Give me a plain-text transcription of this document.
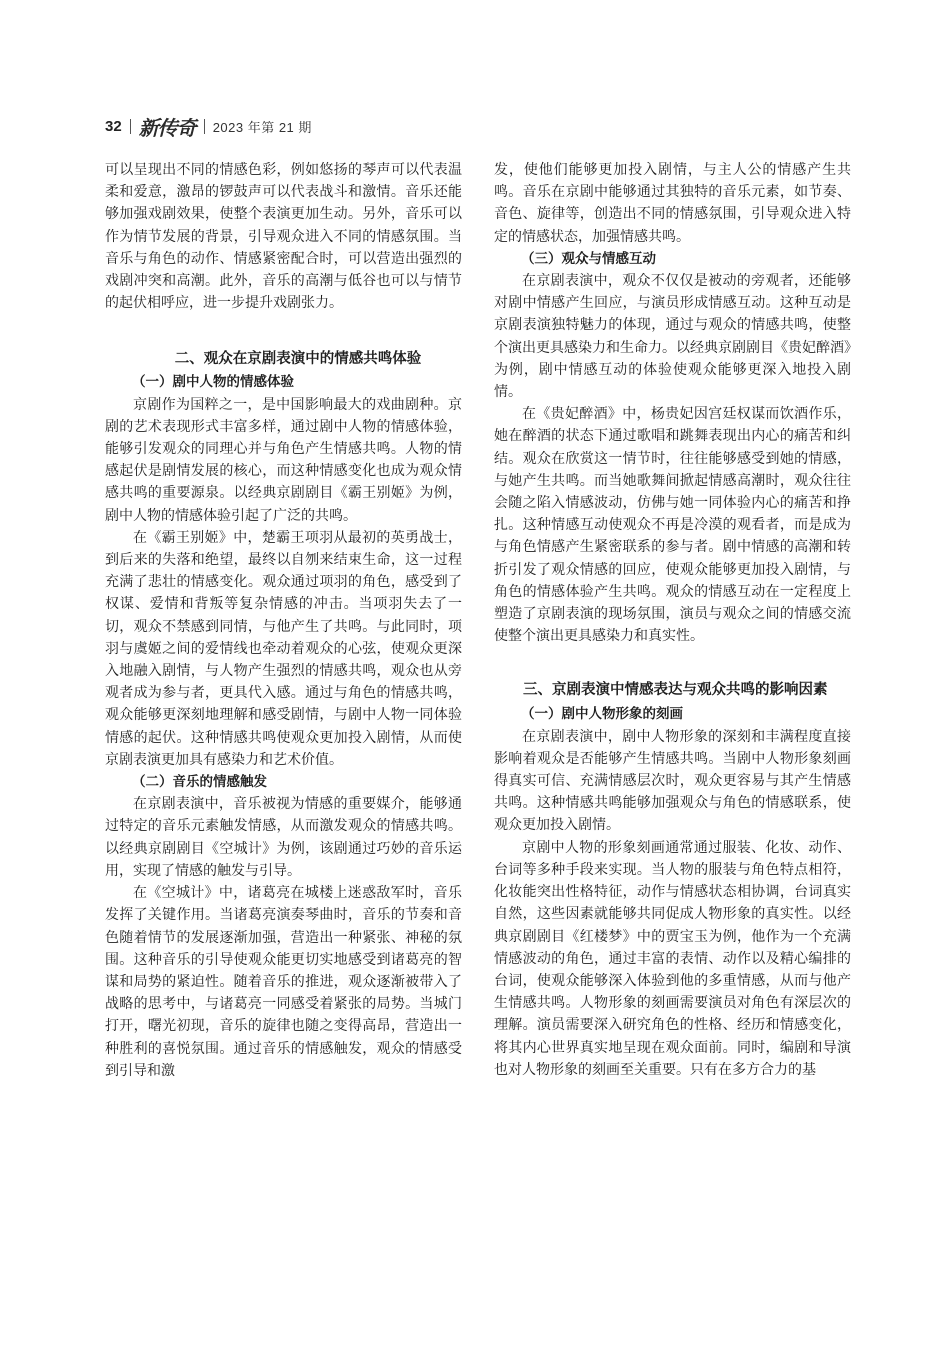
32 新传奇 2023 年第 21 期

可以呈现出不同的情感色彩，例如悠扬的琴声可以代表温柔和爱意，激昂的锣鼓声可以代表战斗和激情。音乐还能够加强戏剧效果，使整个表演更加生动。另外，音乐可以作为情节发展的背景，引导观众进入不同的情感氛围。当音乐与角色的动作、情感紧密配合时，可以营造出强烈的戏剧冲突和高潮。此外，音乐的高潮与低谷也可以与情节的起伏相呼应，进一步提升戏剧张力。

二、观众在京剧表演中的情感共鸣体验

（一）剧中人物的情感体验

京剧作为国粹之一，是中国影响最大的戏曲剧种。京剧的艺术表现形式丰富多样，通过剧中人物的情感体验，能够引发观众的同理心并与角色产生情感共鸣。人物的情感起伏是剧情发展的核心，而这种情感变化也成为观众情感共鸣的重要源泉。以经典京剧剧目《霸王别姬》为例，剧中人物的情感体验引起了广泛的共鸣。

在《霸王别姬》中，楚霸王项羽从最初的英勇战士，到后来的失落和绝望，最终以自刎来结束生命，这一过程充满了悲壮的情感变化。观众通过项羽的角色，感受到了权谋、爱情和背叛等复杂情感的冲击。当项羽失去了一切，观众不禁感到同情，与他产生了共鸣。与此同时，项羽与虞姬之间的爱情线也牵动着观众的心弦，使观众更深入地融入剧情，与人物产生强烈的情感共鸣，观众也从旁观者成为参与者，更具代入感。通过与角色的情感共鸣，观众能够更深刻地理解和感受剧情，与剧中人物一同体验情感的起伏。这种情感共鸣使观众更加投入剧情，从而使京剧表演更加具有感染力和艺术价值。

（二）音乐的情感触发

在京剧表演中，音乐被视为情感的重要媒介，能够通过特定的音乐元素触发情感，从而激发观众的情感共鸣。以经典京剧剧目《空城计》为例，该剧通过巧妙的音乐运用，实现了情感的触发与引导。

在《空城计》中，诸葛亮在城楼上迷惑敌军时，音乐发挥了关键作用。当诸葛亮演奏琴曲时，音乐的节奏和音色随着情节的发展逐渐加强，营造出一种紧张、神秘的氛围。这种音乐的引导使观众能更切实地感受到诸葛亮的智谋和局势的紧迫性。随着音乐的推进，观众逐渐被带入了战略的思考中，与诸葛亮一同感受着紧张的局势。当城门打开，曙光初现，音乐的旋律也随之变得高昂，营造出一种胜利的喜悦氛围。通过音乐的情感触发，观众的情感受到引导和激

发，使他们能够更加投入剧情，与主人公的情感产生共鸣。音乐在京剧中能够通过其独特的音乐元素，如节奏、音色、旋律等，创造出不同的情感氛围，引导观众进入特定的情感状态，加强情感共鸣。

（三）观众与情感互动

在京剧表演中，观众不仅仅是被动的旁观者，还能够对剧中情感产生回应，与演员形成情感互动。这种互动是京剧表演独特魅力的体现，通过与观众的情感共鸣，使整个演出更具感染力和生命力。以经典京剧剧目《贵妃醉酒》为例，剧中情感互动的体验使观众能够更深入地投入剧情。

在《贵妃醉酒》中，杨贵妃因宫廷权谋而饮酒作乐，她在醉酒的状态下通过歌唱和跳舞表现出内心的痛苦和纠结。观众在欣赏这一情节时，往往能够感受到她的情感，与她产生共鸣。而当她歌舞间掀起情感高潮时，观众往往会随之陷入情感波动，仿佛与她一同体验内心的痛苦和挣扎。这种情感互动使观众不再是冷漠的观看者，而是成为与角色情感产生紧密联系的参与者。剧中情感的高潮和转折引发了观众情感的回应，使观众能够更加投入剧情，与角色的情感体验产生共鸣。观众的情感互动在一定程度上塑造了京剧表演的现场氛围，演员与观众之间的情感交流使整个演出更具感染力和真实性。

三、京剧表演中情感表达与观众共鸣的影响因素

（一）剧中人物形象的刻画

在京剧表演中，剧中人物形象的深刻和丰满程度直接影响着观众是否能够产生情感共鸣。当剧中人物形象刻画得真实可信、充满情感层次时，观众更容易与其产生情感共鸣。这种情感共鸣能够加强观众与角色的情感联系，使观众更加投入剧情。

京剧中人物的形象刻画通常通过服装、化妆、动作、台词等多种手段来实现。当人物的服装与角色特点相符，化妆能突出性格特征，动作与情感状态相协调，台词真实自然，这些因素就能够共同促成人物形象的真实性。以经典京剧剧目《红楼梦》中的贾宝玉为例，他作为一个充满情感波动的角色，通过丰富的表情、动作以及精心编排的台词，使观众能够深入体验到他的多重情感，从而与他产生情感共鸣。人物形象的刻画需要演员对角色有深层次的理解。演员需要深入研究角色的性格、经历和情感变化，将其内心世界真实地呈现在观众面前。同时，编剧和导演也对人物形象的刻画至关重要。只有在多方合力的基
